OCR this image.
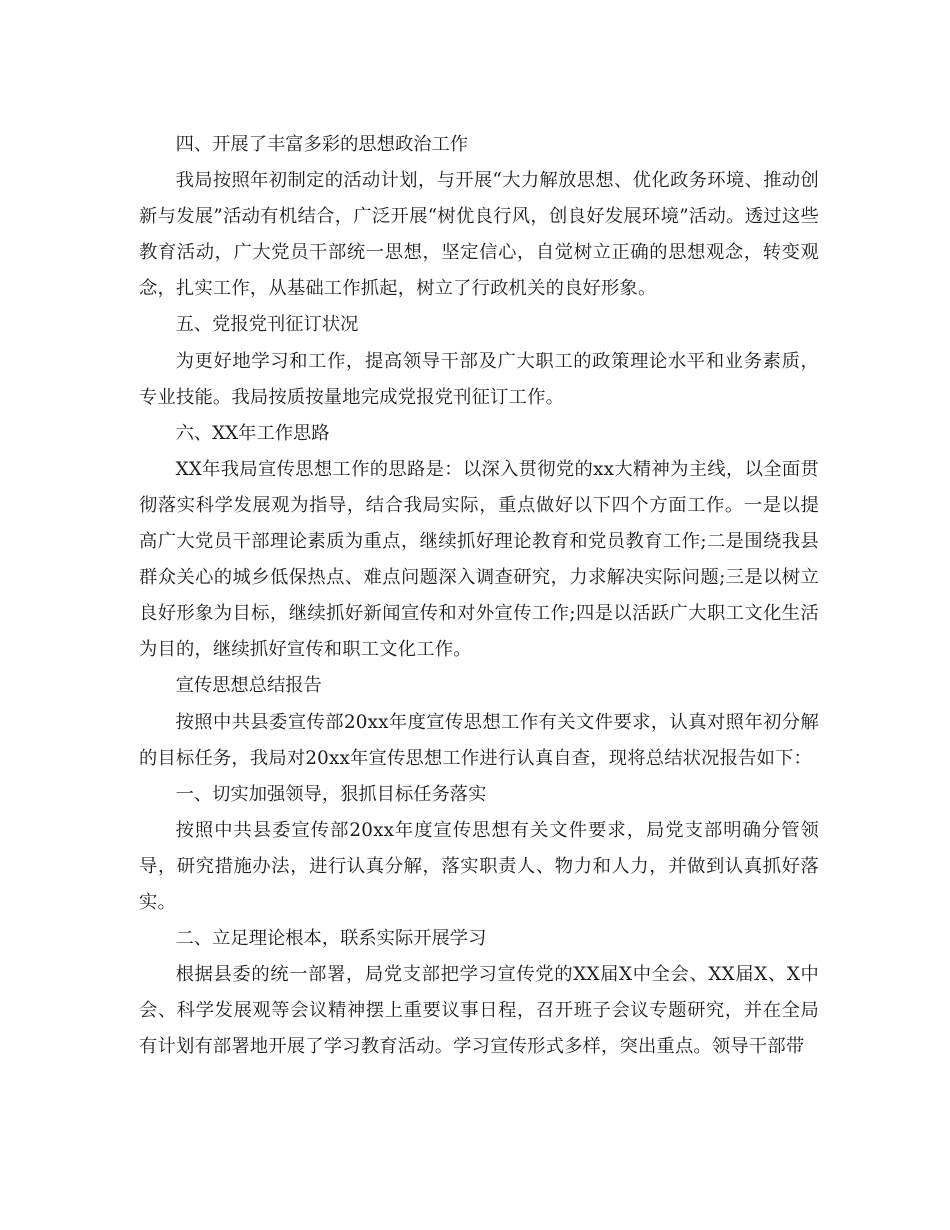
四、开展了丰富多彩的思想政治工作

我局按照年初制定的活动计划，与开展“大力解放思想、优化政务环境、推动创新与发展”活动有机结合，广泛开展“树优良行风，创良好发展环境”活动。透过这些教育活动，广大党员干部统一思想，坚定信心，自觉树立正确的思想观念，转变观念，扎实工作，从基础工作抓起，树立了行政机关的良好形象。

五、党报党刊征订状况

为更好地学习和工作，提高领导干部及广大职工的政策理论水平和业务素质，专业技能。我局按质按量地完成党报党刊征订工作。

六、XX年工作思路

XX年我局宣传思想工作的思路是：以深入贯彻党的xx大精神为主线，以全面贯彻落实科学发展观为指导，结合我局实际，重点做好以下四个方面工作。一是以提高广大党员干部理论素质为重点，继续抓好理论教育和党员教育工作;二是围绕我县群众关心的城乡低保热点、难点问题深入调查研究，力求解决实际问题;三是以树立良好形象为目标，继续抓好新闻宣传和对外宣传工作;四是以活跃广大职工文化生活为目的，继续抓好宣传和职工文化工作。

宣传思想总结报告

按照中共县委宣传部20xx年度宣传思想工作有关文件要求，认真对照年初分解的目标任务，我局对20xx年宣传思想工作进行认真自查，现将总结状况报告如下：

一、切实加强领导，狠抓目标任务落实

按照中共县委宣传部20xx年度宣传思想有关文件要求，局党支部明确分管领导，研究措施办法，进行认真分解，落实职责人、物力和人力，并做到认真抓好落实。

二、立足理论根本，联系实际开展学习

根据县委的统一部署，局党支部把学习宣传党的XX届X中全会、XX届X、X中会、科学发展观等会议精神摆上重要议事日程，召开班子会议专题研究，并在全局有计划有部署地开展了学习教育活动。学习宣传形式多样，突出重点。领导干部带
